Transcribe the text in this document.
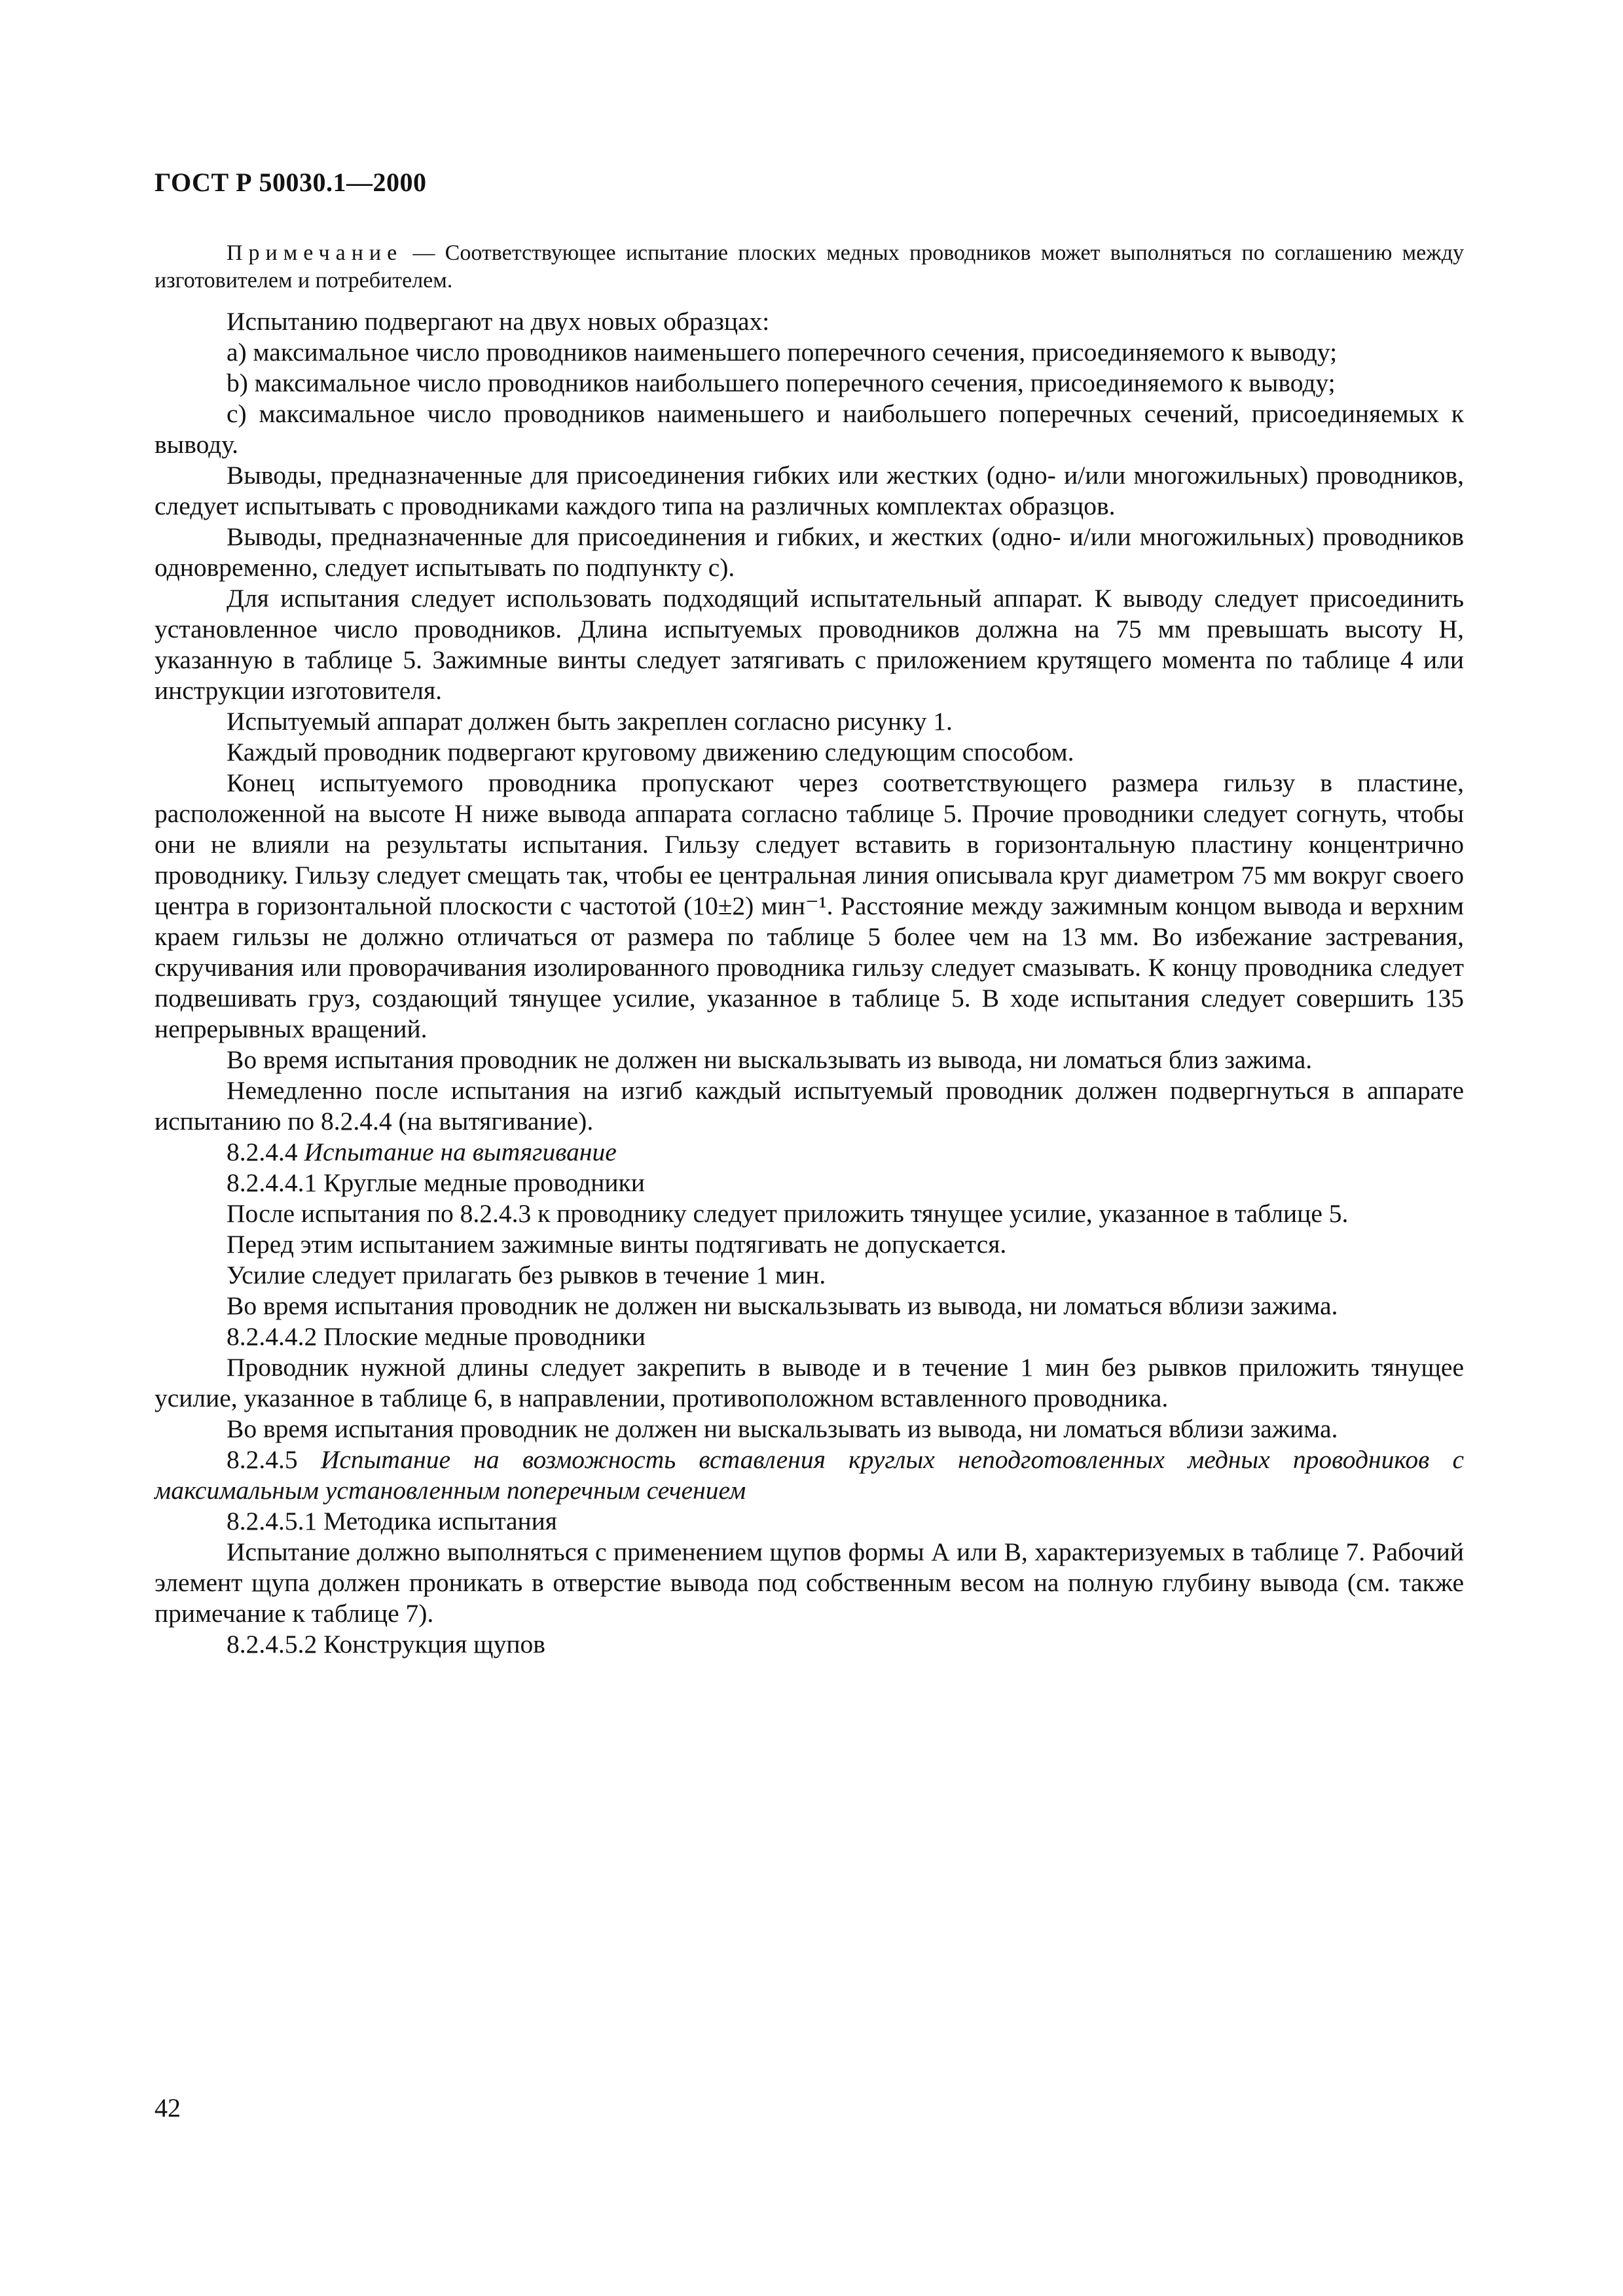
ГОСТ Р 50030.1—2000

Примечание — Соответствующее испытание плоских медных проводников может выполняться по соглашению между изготовителем и потребителем.

Испытанию подвергают на двух новых образцах:

а) максимальное число проводников наименьшего поперечного сечения, присоединяемого к выводу;

b) максимальное число проводников наибольшего поперечного сечения, присоединяемого к выводу;

с) максимальное число проводников наименьшего и наибольшего поперечных сечений, присоединяемых к выводу.

Выводы, предназначенные для присоединения гибких или жестких (одно- и/или многожильных) проводников, следует испытывать с проводниками каждого типа на различных комплектах образцов.

Выводы, предназначенные для присоединения и гибких, и жестких (одно- и/или многожильных) проводников одновременно, следует испытывать по подпункту с).

Для испытания следует использовать подходящий испытательный аппарат. К выводу следует присоединить установленное число проводников. Длина испытуемых проводников должна на 75 мм превышать высоту Н, указанную в таблице 5. Зажимные винты следует затягивать с приложением крутящего момента по таблице 4 или инструкции изготовителя.

Испытуемый аппарат должен быть закреплен согласно рисунку 1.

Каждый проводник подвергают круговому движению следующим способом.

Конец испытуемого проводника пропускают через соответствующего размера гильзу в пластине, расположенной на высоте Н ниже вывода аппарата согласно таблице 5. Прочие проводники следует согнуть, чтобы они не влияли на результаты испытания. Гильзу следует вставить в горизонтальную пластину концентрично проводнику. Гильзу следует смещать так, чтобы ее центральная линия описывала круг диаметром 75 мм вокруг своего центра в горизонтальной плоскости с частотой (10±2) мин⁻¹. Расстояние между зажимным концом вывода и верхним краем гильзы не должно отличаться от размера по таблице 5 более чем на 13 мм. Во избежание застревания, скручивания или проворачивания изолированного проводника гильзу следует смазывать. К концу проводника следует подвешивать груз, создающий тянущее усилие, указанное в таблице 5. В ходе испытания следует совершить 135 непрерывных вращений.

Во время испытания проводник не должен ни выскальзывать из вывода, ни ломаться близ зажима.

Немедленно после испытания на изгиб каждый испытуемый проводник должен подвергнуться в аппарате испытанию по 8.2.4.4 (на вытягивание).

8.2.4.4 Испытание на вытягивание

8.2.4.4.1 Круглые медные проводники

После испытания по 8.2.4.3 к проводнику следует приложить тянущее усилие, указанное в таблице 5.

Перед этим испытанием зажимные винты подтягивать не допускается.

Усилие следует прилагать без рывков в течение 1 мин.

Во время испытания проводник не должен ни выскальзывать из вывода, ни ломаться вблизи зажима.

8.2.4.4.2 Плоские медные проводники

Проводник нужной длины следует закрепить в выводе и в течение 1 мин без рывков приложить тянущее усилие, указанное в таблице 6, в направлении, противоположном вставленного проводника.

Во время испытания проводник не должен ни выскальзывать из вывода, ни ломаться вблизи зажима.

8.2.4.5 Испытание на возможность вставления круглых неподготовленных медных проводников с максимальным установленным поперечным сечением

8.2.4.5.1 Методика испытания

Испытание должно выполняться с применением щупов формы А или В, характеризуемых в таблице 7. Рабочий элемент щупа должен проникать в отверстие вывода под собственным весом на полную глубину вывода (см. также примечание к таблице 7).

8.2.4.5.2 Конструкция щупов

42
